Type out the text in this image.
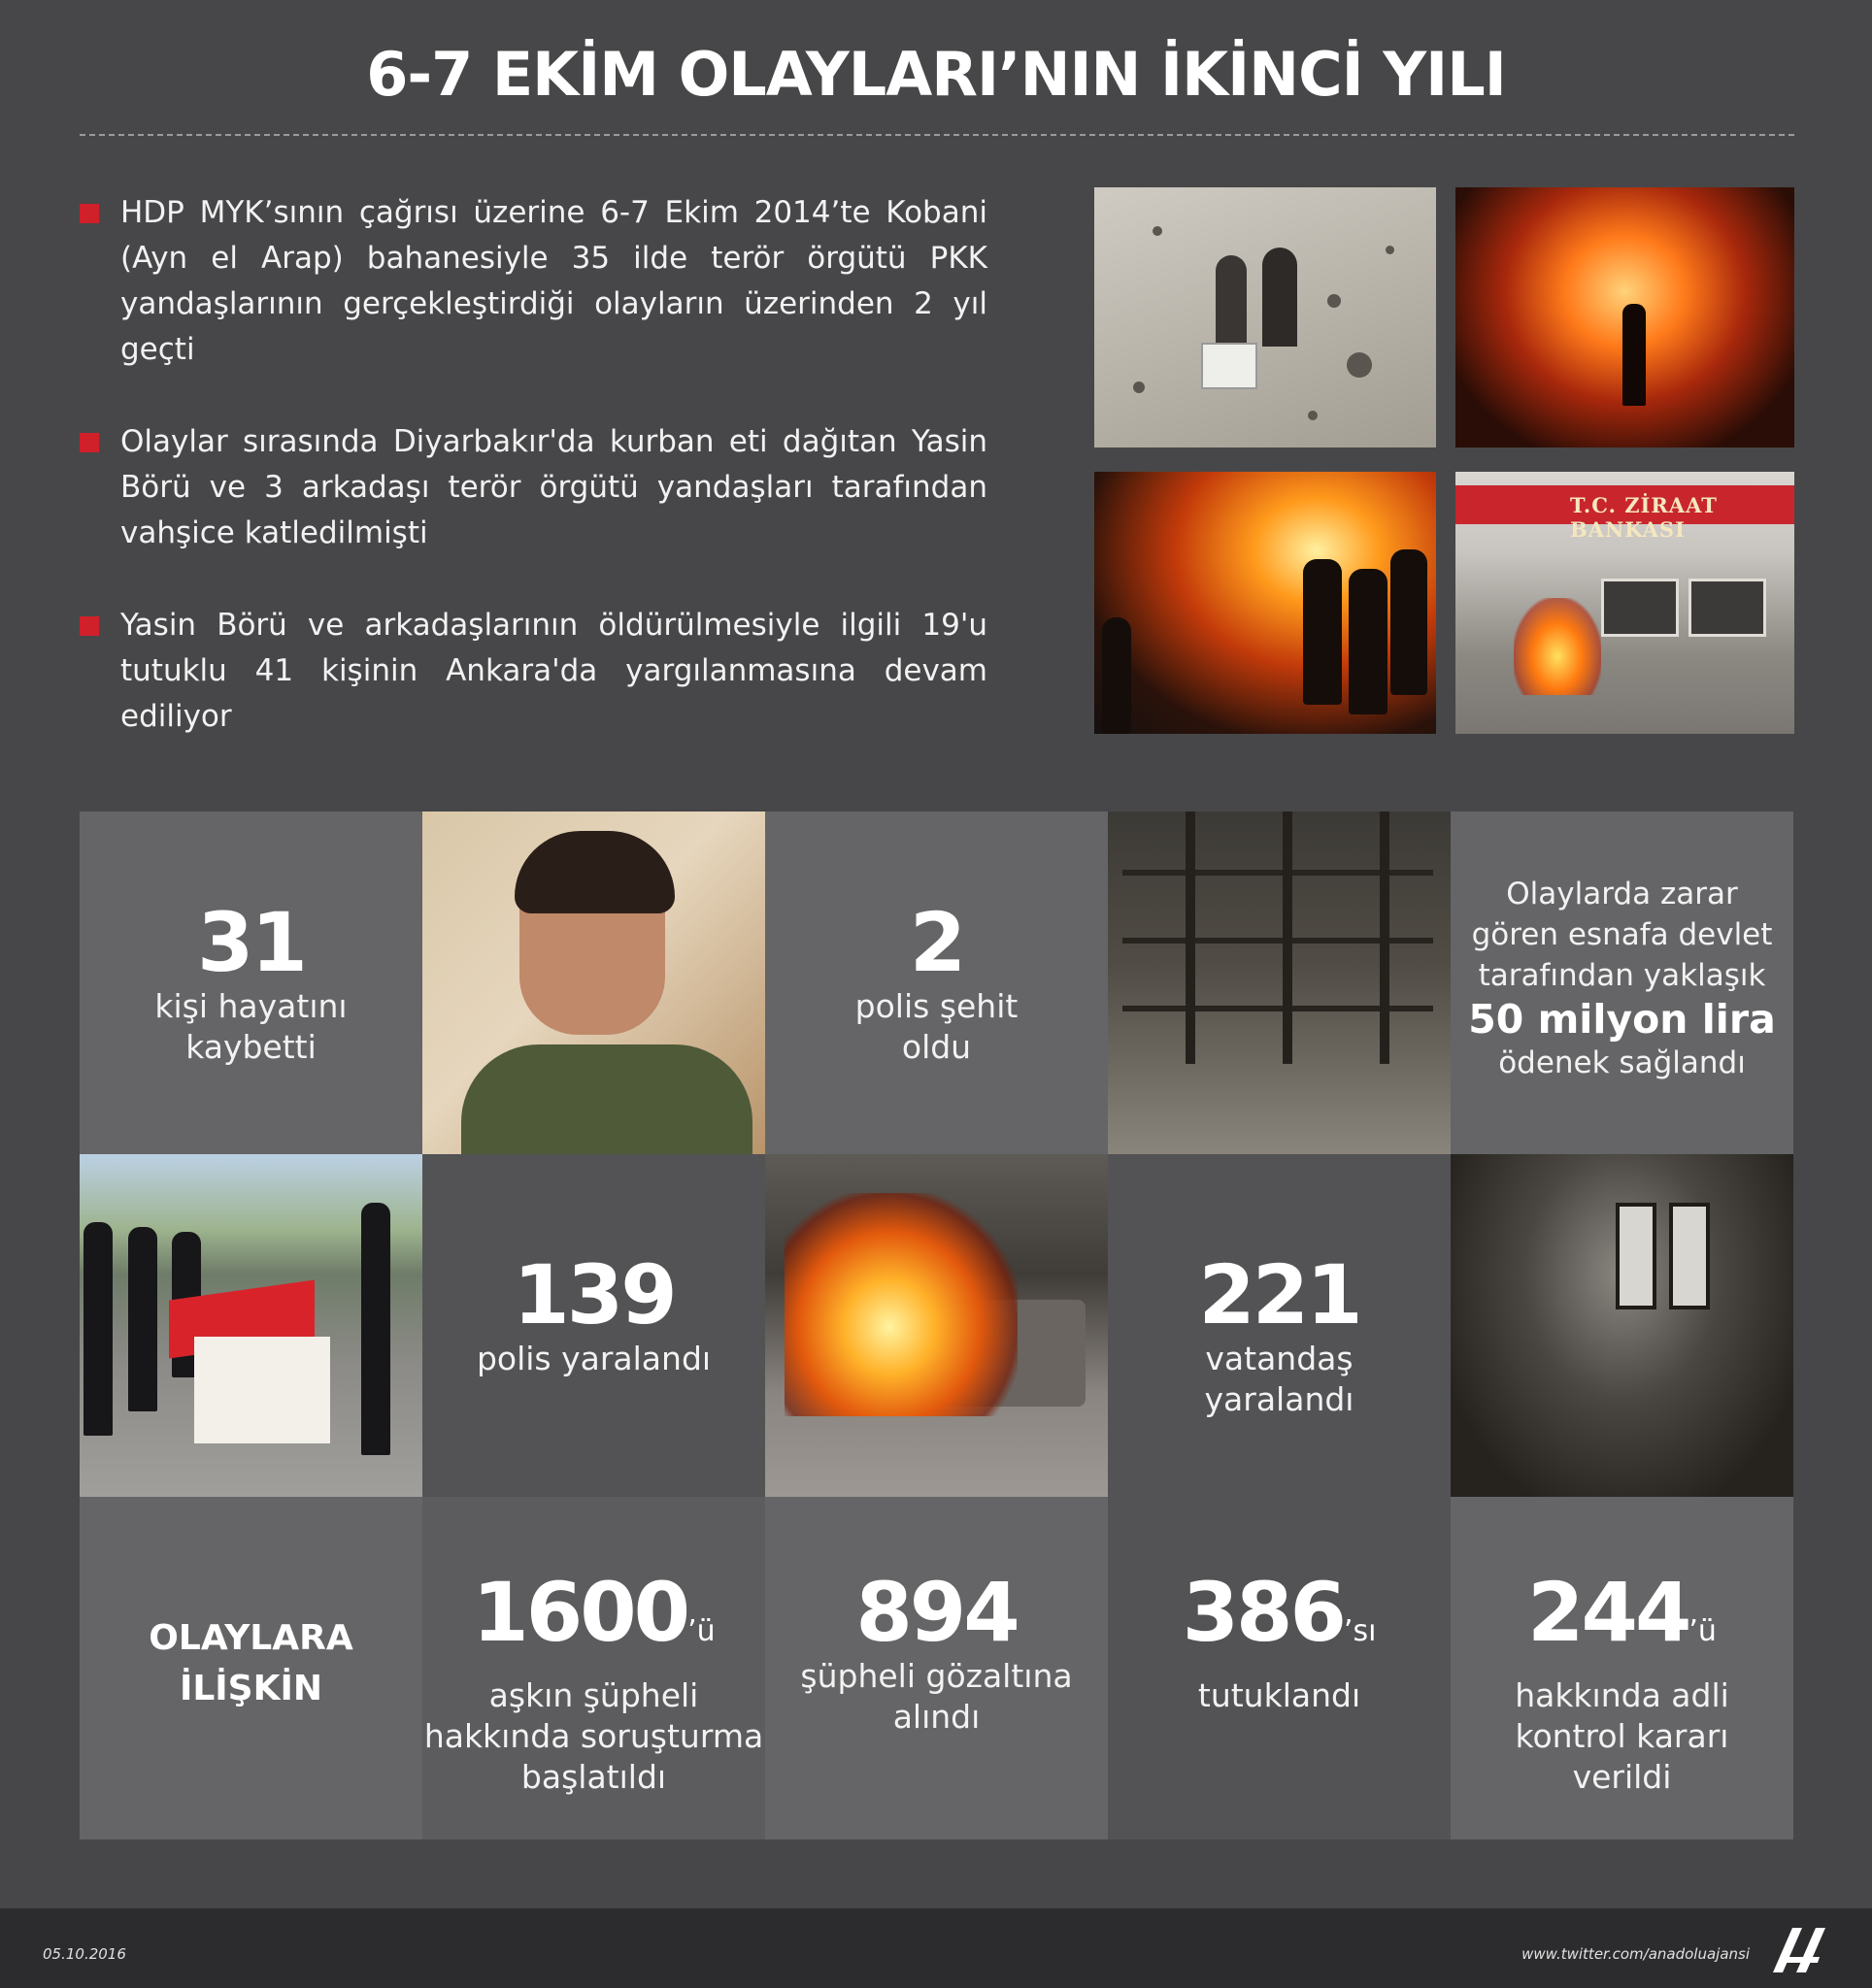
6-7 EKİM OLAYLARI’NIN İKİNCİ YILI
HDP MYK’sının çağrısı üzerine 6-7 Ekim 2014’te Kobani (Ayn el Arap) bahanesiyle 35 ilde terör örgütü PKK yandaşlarının gerçekleştirdiği olayların üzerinden 2 yıl geçti
Olaylar sırasında Diyarbakır'da kurban eti dağıtan Yasin Börü ve 3 arkadaşı terör örgütü yandaşları tarafından vahşice katledilmişti
Yasin Börü ve arkadaşlarının öldürülmesiyle ilgili 19'u tutuklu 41 kişinin Ankara'da yargılanmasına devam ediliyor
T.C. ZİRAAT BANKASI
31
kişi hayatını
kaybetti
2
polis şehit
oldu
Olaylarda zarar
gören esnafa devlet
tarafından yaklaşık
50 milyon lira
ödenek sağlandı
139
polis yaralandı
221
vatandaş
yaralandı
OLAYLARA
İLİŞKİN
1600’ü
aşkın şüpheli
hakkında soruşturma
başlatıldı
894
şüpheli gözaltına
alındı
386’sı
tutuklandı
244’ü
hakkında adli
kontrol kararı
verildi
05.10.2016	www.twitter.com/anadoluajansi
